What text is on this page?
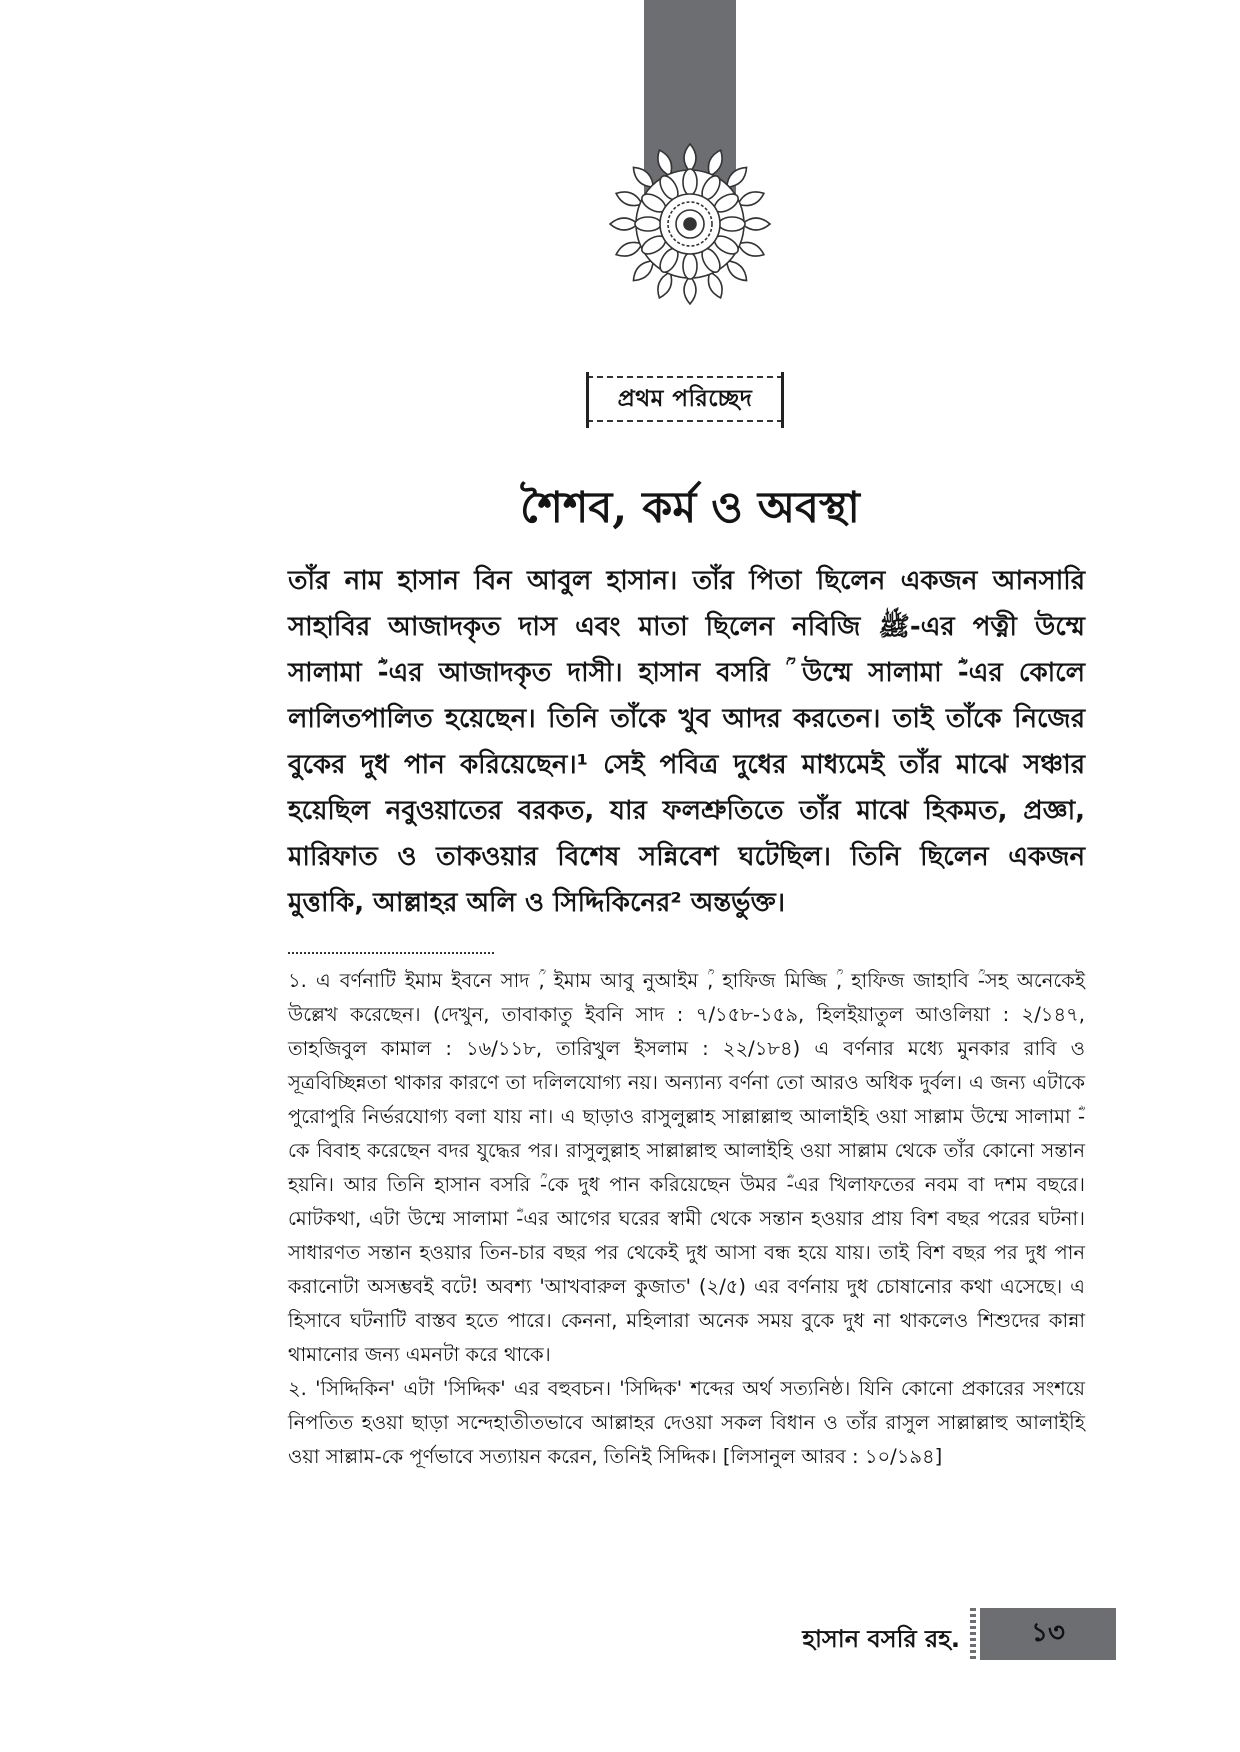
প্রথম পরিচ্ছেদ
শৈশব, কর্ম ও অবস্থা
তাঁর নাম হাসান বিন আবুল হাসান। তাঁর পিতা ছিলেন একজন আনসারি সাহাবির আজাদকৃত দাস এবং মাতা ছিলেন নবিজি ﷺ-এর পত্নী উম্মে সালামা ؓ-এর আজাদকৃত দাসী। হাসান বসরি ؒ উম্মে সালামা ؓ-এর কোলে লালিতপালিত হয়েছেন। তিনি তাঁকে খুব আদর করতেন। তাই তাঁকে নিজের বুকের দুধ পান করিয়েছেন।¹ সেই পবিত্র দুধের মাধ্যমেই তাঁর মাঝে সঞ্চার হয়েছিল নবুওয়াতের বরকত, যার ফলশ্রুতিতে তাঁর মাঝে হিকমত, প্রজ্ঞা, মারিফাত ও তাকওয়ার বিশেষ সন্নিবেশ ঘটেছিল। তিনি ছিলেন একজন মুত্তাকি, আল্লাহর অলি ও সিদ্দিকিনের² অন্তর্ভুক্ত।

১. এ বর্ণনাটি ইমাম ইবনে সাদ ؒ, ইমাম আবু নুআইম ؒ, হাফিজ মিজ্জি ؒ, হাফিজ জাহাবি ؒ-সহ অনেকেই উল্লেখ করেছেন। (দেখুন, তাবাকাতু ইবনি সাদ : ৭/১৫৮-১৫৯, হিলইয়াতুল আওলিয়া : ২/১৪৭, তাহজিবুল কামাল : ১৬/১১৮, তারিখুল ইসলাম : ২২/১৮৪) এ বর্ণনার মধ্যে মুনকার রাবি ও সূত্রবিচ্ছিন্নতা থাকার কারণে তা দলিলযোগ্য নয়। অন্যান্য বর্ণনা তো আরও অধিক দুর্বল। এ জন্য এটাকে পুরোপুরি নির্ভরযোগ্য বলা যায় না। এ ছাড়াও রাসুলুল্লাহ সাল্লাল্লাহু আলাইহি ওয়া সাল্লাম উম্মে সালামা ؓ-কে বিবাহ করেছেন বদর যুদ্ধের পর। রাসুলুল্লাহ সাল্লাল্লাহু আলাইহি ওয়া সাল্লাম থেকে তাঁর কোনো সন্তান হয়নি। আর তিনি হাসান বসরি ؒ-কে দুধ পান করিয়েছেন উমর ؓ-এর খিলাফতের নবম বা দশম বছরে। মোটকথা, এটা উম্মে সালামা ؓ-এর আগের ঘরের স্বামী থেকে সন্তান হওয়ার প্রায় বিশ বছর পরের ঘটনা। সাধারণত সন্তান হওয়ার তিন-চার বছর পর থেকেই দুধ আসা বন্ধ হয়ে যায়। তাই বিশ বছর পর দুধ পান করানোটা অসম্ভবই বটে! অবশ্য 'আখবারুল কুজাত' (২/৫) এর বর্ণনায় দুধ চোষানোর কথা এসেছে। এ হিসাবে ঘটনাটি বাস্তব হতে পারে। কেননা, মহিলারা অনেক সময় বুকে দুধ না থাকলেও শিশুদের কান্না থামানোর জন্য এমনটা করে থাকে।

২. 'সিদ্দিকিন' এটা 'সিদ্দিক' এর বহুবচন। 'সিদ্দিক' শব্দের অর্থ সত্যনিষ্ঠ। যিনি কোনো প্রকারের সংশয়ে নিপতিত হওয়া ছাড়া সন্দেহাতীতভাবে আল্লাহর দেওয়া সকল বিধান ও তাঁর রাসুল সাল্লাল্লাহু আলাইহি ওয়া সাল্লাম-কে পূর্ণভাবে সত্যায়ন করেন, তিনিই সিদ্দিক। [লিসানুল আরব : ১০/১৯৪]

হাসান বসরি রহ.	১৩
